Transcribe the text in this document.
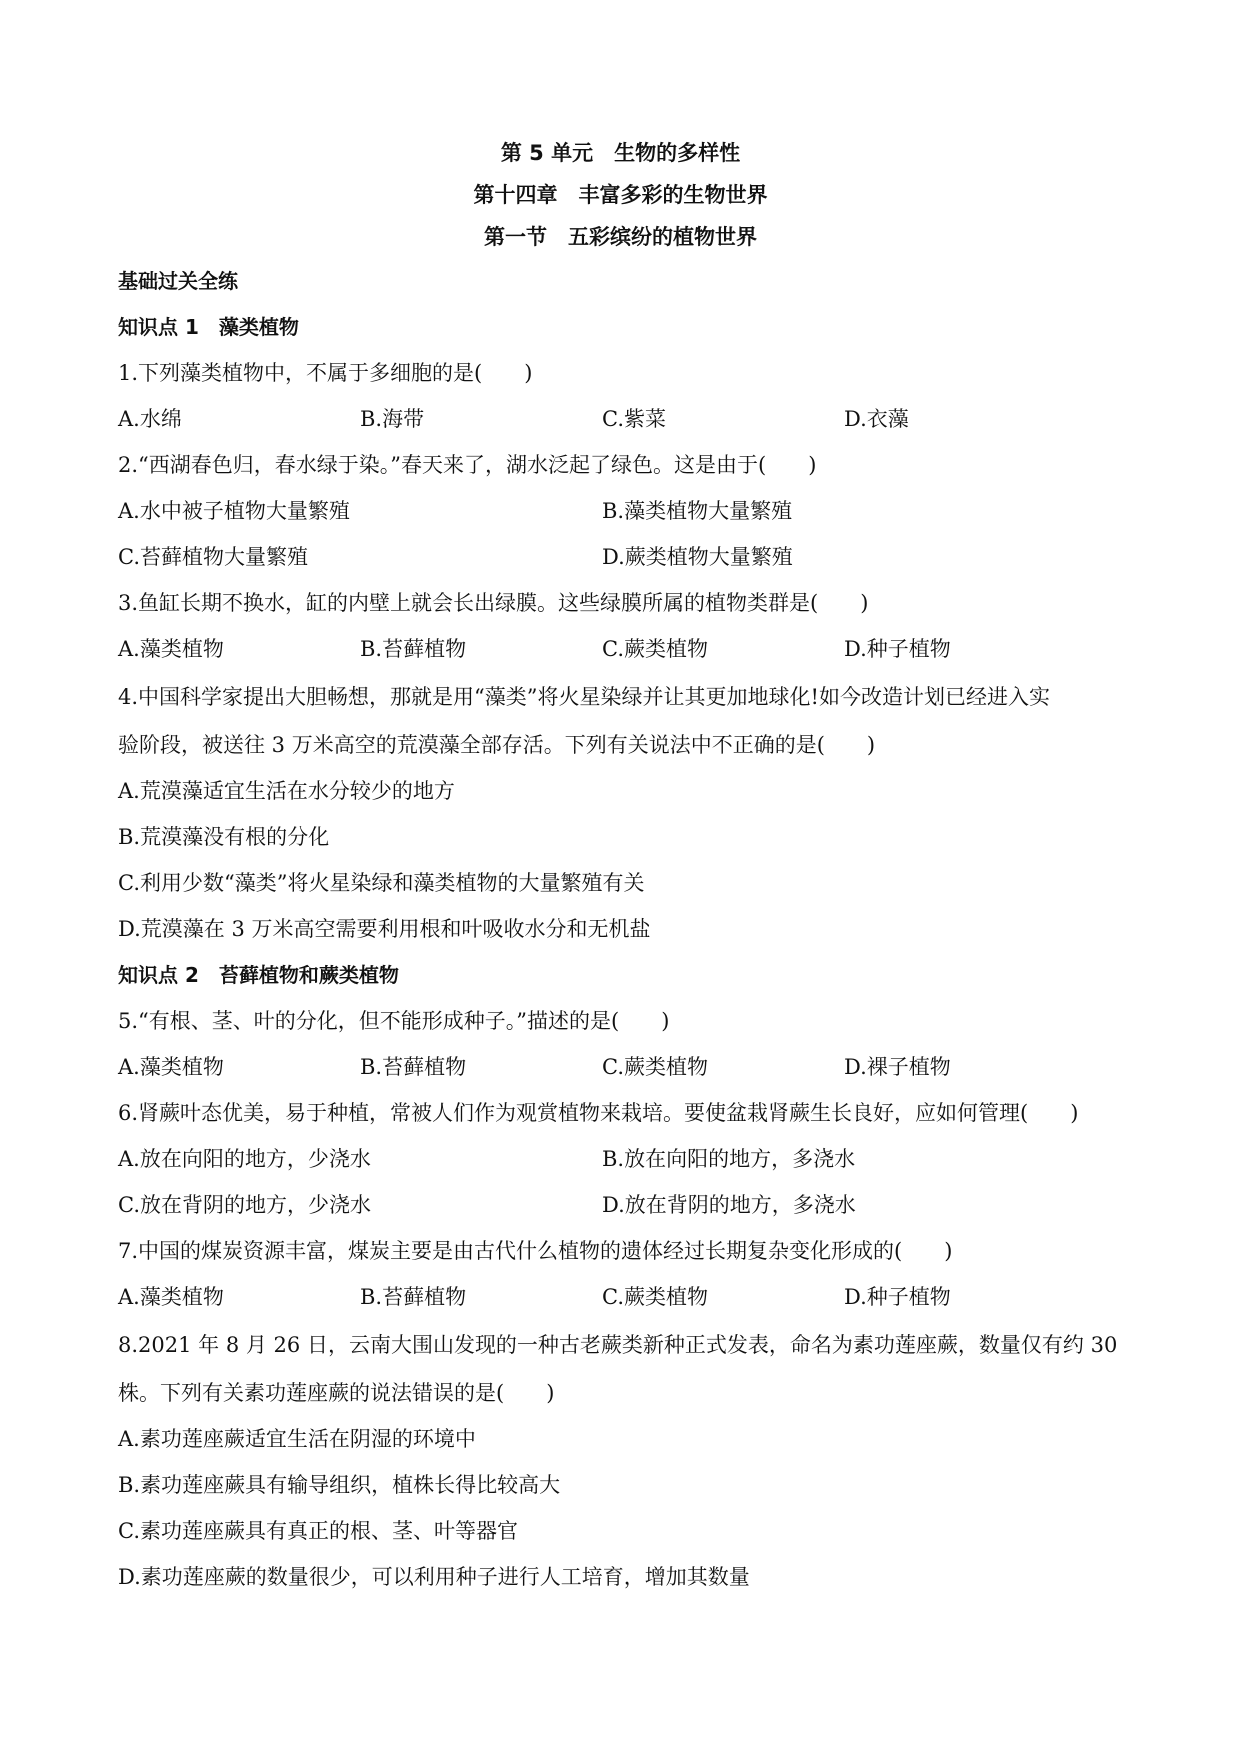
第 5 单元　生物的多样性
第十四章　丰富多彩的生物世界
第一节　五彩缤纷的植物世界
基础过关全练
知识点 1　藻类植物
1.下列藻类植物中，不属于多细胞的是(　　)
A.水绵	B.海带	C.紫菜	D.衣藻
2.“西湖春色归，春水绿于染。”春天来了，湖水泛起了绿色。这是由于(　　)
A.水中被子植物大量繁殖	B.藻类植物大量繁殖
C.苔藓植物大量繁殖	D.蕨类植物大量繁殖
3.鱼缸长期不换水，缸的内壁上就会长出绿膜。这些绿膜所属的植物类群是(　　)
A.藻类植物	B.苔藓植物	C.蕨类植物	D.种子植物
4.中国科学家提出大胆畅想，那就是用“藻类”将火星染绿并让其更加地球化!如今改造计划已经进入实
验阶段，被送往 3 万米高空的荒漠藻全部存活。下列有关说法中不正确的是(　　)
A.荒漠藻适宜生活在水分较少的地方
B.荒漠藻没有根的分化
C.利用少数“藻类”将火星染绿和藻类植物的大量繁殖有关
D.荒漠藻在 3 万米高空需要利用根和叶吸收水分和无机盐
知识点 2　苔藓植物和蕨类植物
5.“有根、茎、叶的分化，但不能形成种子。”描述的是(　　)
A.藻类植物	B.苔藓植物	C.蕨类植物	D.裸子植物
6.肾蕨叶态优美，易于种植，常被人们作为观赏植物来栽培。要使盆栽肾蕨生长良好，应如何管理(　　)
A.放在向阳的地方，少浇水	B.放在向阳的地方，多浇水
C.放在背阴的地方，少浇水	D.放在背阴的地方，多浇水
7.中国的煤炭资源丰富，煤炭主要是由古代什么植物的遗体经过长期复杂变化形成的(　　)
A.藻类植物	B.苔藓植物	C.蕨类植物	D.种子植物
8.2021 年 8 月 26 日，云南大围山发现的一种古老蕨类新种正式发表，命名为素功莲座蕨，数量仅有约 30
株。下列有关素功莲座蕨的说法错误的是(　　)
A.素功莲座蕨适宜生活在阴湿的环境中
B.素功莲座蕨具有输导组织，植株长得比较高大
C.素功莲座蕨具有真正的根、茎、叶等器官
D.素功莲座蕨的数量很少，可以利用种子进行人工培育，增加其数量
